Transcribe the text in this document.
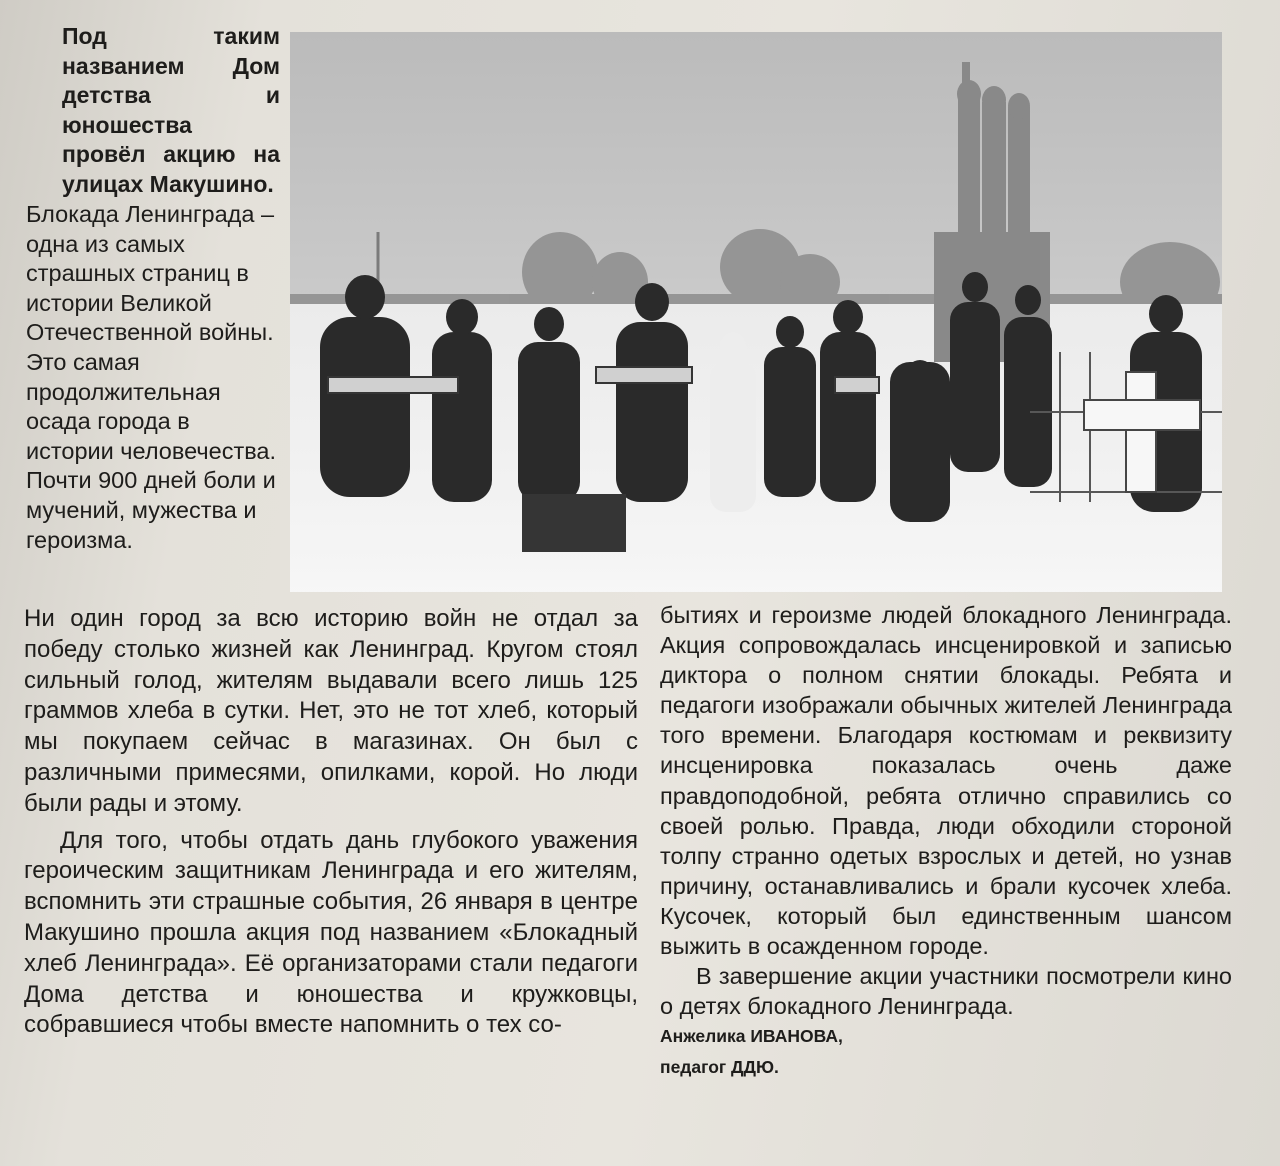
Под таким названием Дом детства и юношества провёл акцию на улицах Макушино.

Блокада Ленинграда – одна из самых страшных страниц в истории Великой Отечественной войны. Это самая продолжительная осада города в истории человечества. Почти 900 дней боли и мучений, мужества и героизма.

Ни один город за всю историю войн не отдал за победу столько жизней как Ленинград. Кругом стоял сильный голод, жителям выдавали всего лишь 125 граммов хлеба в сутки. Нет, это не тот хлеб, который мы покупаем сейчас в магазинах. Он был с различными примесями, опилками, корой. Но люди были рады и этому.

Для того, чтобы отдать дань глубокого уважения героическим защитникам Ленинграда и его жителям, вспомнить эти страшные события, 26 января в центре Макушино прошла акция под названием «Блокадный хлеб Ленинграда». Её организаторами стали педагоги Дома детства и юношества и кружковцы, собравшиеся чтобы вместе напомнить о тех со-

бытиях и героизме людей блокадного Ленинграда. Акция сопровождалась инсценировкой и записью диктора о полном снятии блокады. Ребята и педагоги изображали обычных жителей Ленинграда того времени. Благодаря костюмам и реквизиту инсценировка показалась очень даже правдоподобной, ребята отлично справились со своей ролью. Правда, люди обходили стороной толпу странно одетых взрослых и детей, но узнав причину, останавливались и брали кусочек хлеба. Кусочек, который был единственным шансом выжить в осажденном городе.

В завершение акции участники посмотрели кино о детях блокадного Ленинграда.

Анжелика ИВАНОВА,

педагог ДДЮ.
